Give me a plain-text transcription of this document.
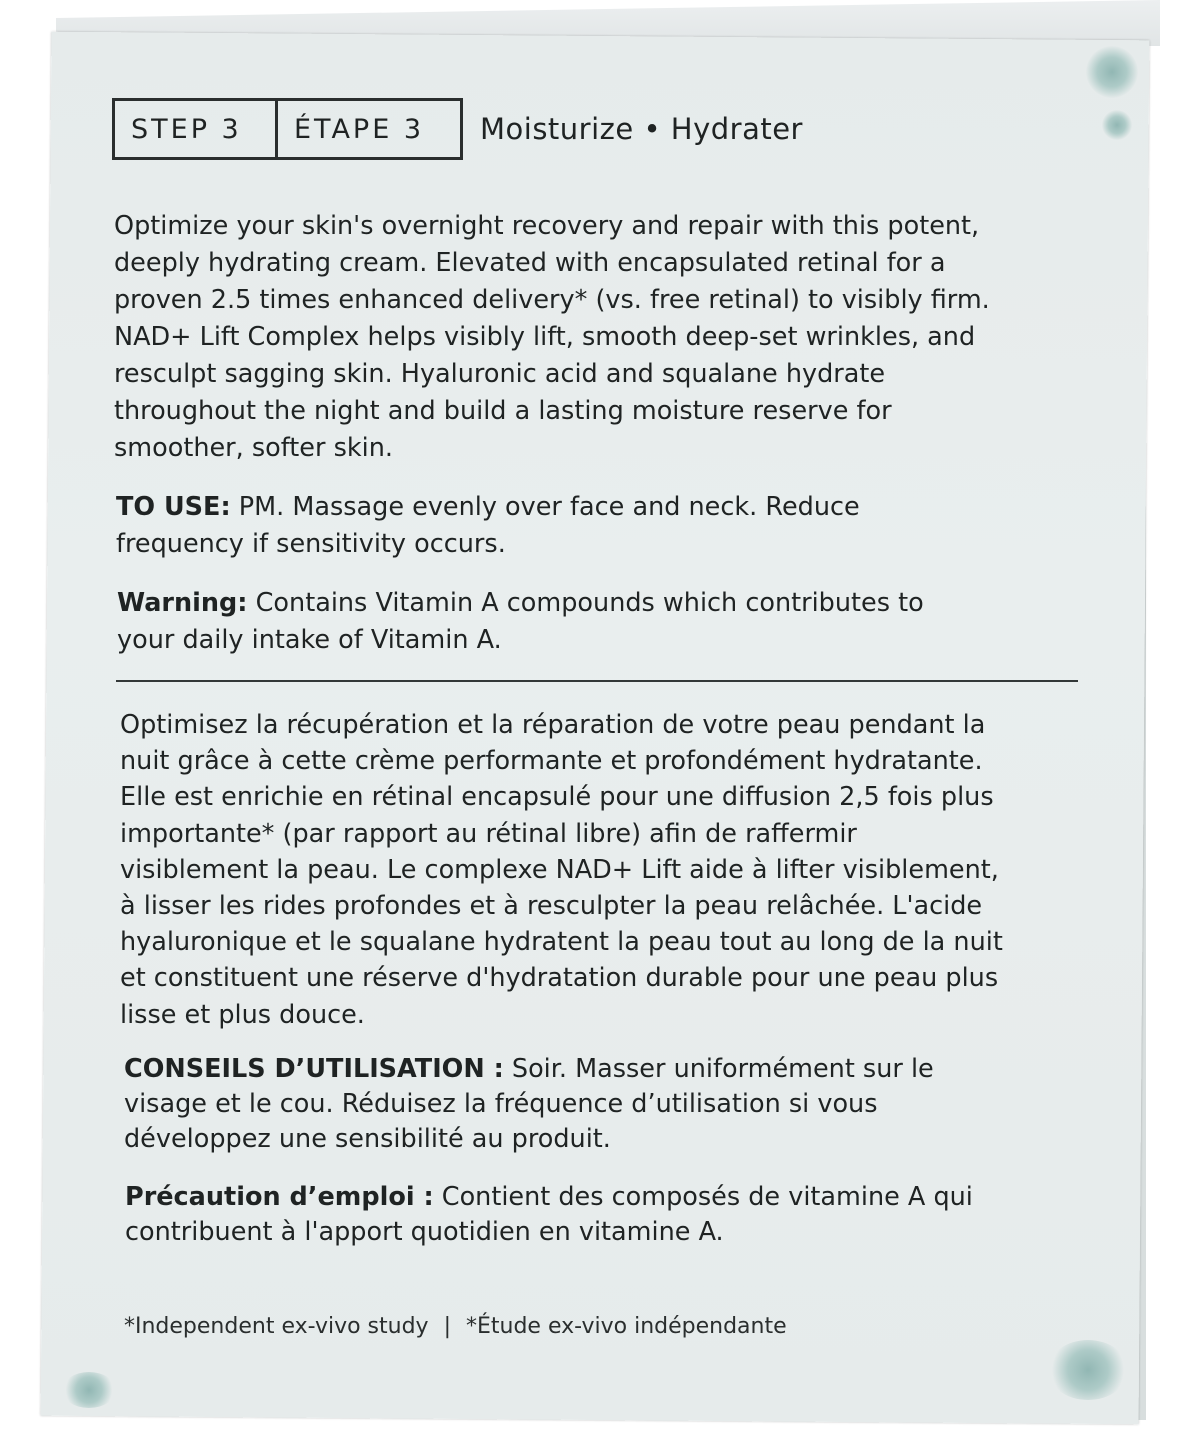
STEP 3	ÉTAPE 3	Moisturize • Hydrater

Optimize your skin's overnight recovery and repair with this potent,
deeply hydrating cream. Elevated with encapsulated retinal for a
proven 2.5 times enhanced delivery* (vs. free retinal) to visibly firm.
NAD+ Lift Complex helps visibly lift, smooth deep-set wrinkles, and
resculpt sagging skin. Hyaluronic acid and squalane hydrate
throughout the night and build a lasting moisture reserve for
smoother, softer skin.

TO USE: PM. Massage evenly over face and neck. Reduce
frequency if sensitivity occurs.

Warning: Contains Vitamin A compounds which contributes to
your daily intake of Vitamin A.

Optimisez la récupération et la réparation de votre peau pendant la
nuit grâce à cette crème performante et profondément hydratante.
Elle est enrichie en rétinal encapsulé pour une diffusion 2,5 fois plus
importante* (par rapport au rétinal libre) afin de raffermir
visiblement la peau. Le complexe NAD+ Lift aide à lifter visiblement,
à lisser les rides profondes et à resculpter la peau relâchée. L'acide
hyaluronique et le squalane hydratent la peau tout au long de la nuit
et constituent une réserve d'hydratation durable pour une peau plus
lisse et plus douce.

CONSEILS D’UTILISATION : Soir. Masser uniformément sur le
visage et le cou. Réduisez la fréquence d’utilisation si vous
développez une sensibilité au produit.

Précaution d’emploi : Contient des composés de vitamine A qui
contribuent à l'apport quotidien en vitamine A.

*Independent ex-vivo study | *Étude ex-vivo indépendante
